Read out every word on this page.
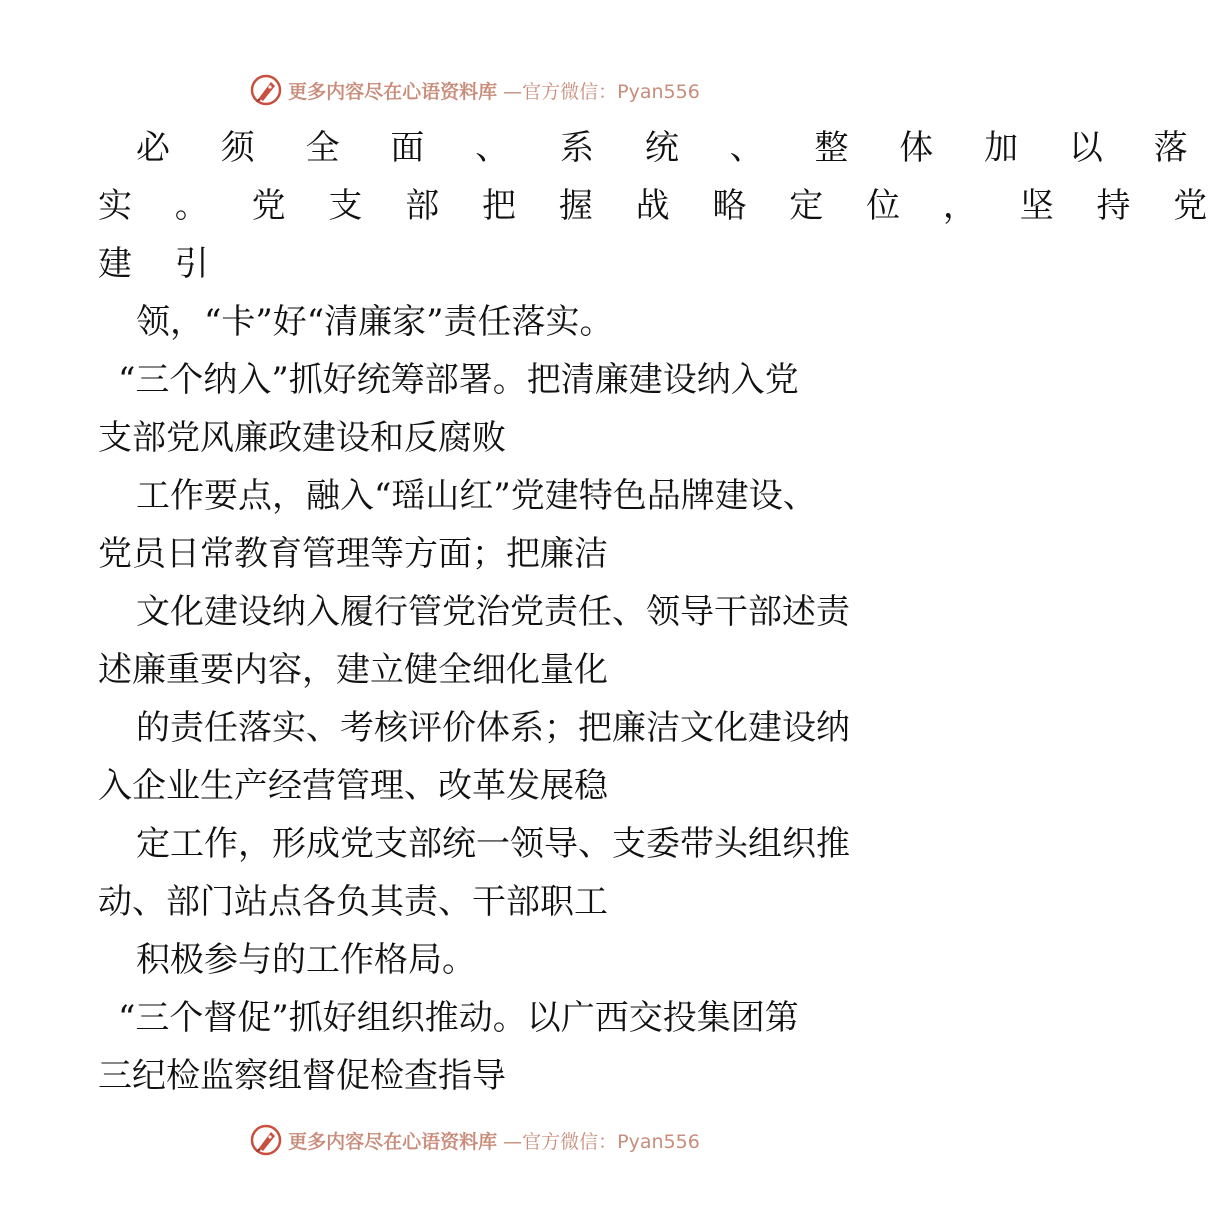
更多内容尽在心语资料库 —官方微信：Pyan556
必 须 全 面 、 系 统 、 整 体 加 以 落
实 。 党 支 部 把 握 战 略 定 位 ， 坚 持 党
建 引
领，“卡”好“清廉家”责任落实。
“三个纳入”抓好统筹部署。把清廉建设纳入党
支部党风廉政建设和反腐败
工作要点，融入“瑶山红”党建特色品牌建设、
党员日常教育管理等方面；把廉洁
文化建设纳入履行管党治党责任、领导干部述责
述廉重要内容，建立健全细化量化
的责任落实、考核评价体系；把廉洁文化建设纳
入企业生产经营管理、改革发展稳
定工作，形成党支部统一领导、支委带头组织推
动、部门站点各负其责、干部职工
积极参与的工作格局。
“三个督促”抓好组织推动。以广西交投集团第
三纪检监察组督促检查指导
更多内容尽在心语资料库 —官方微信：Pyan556
